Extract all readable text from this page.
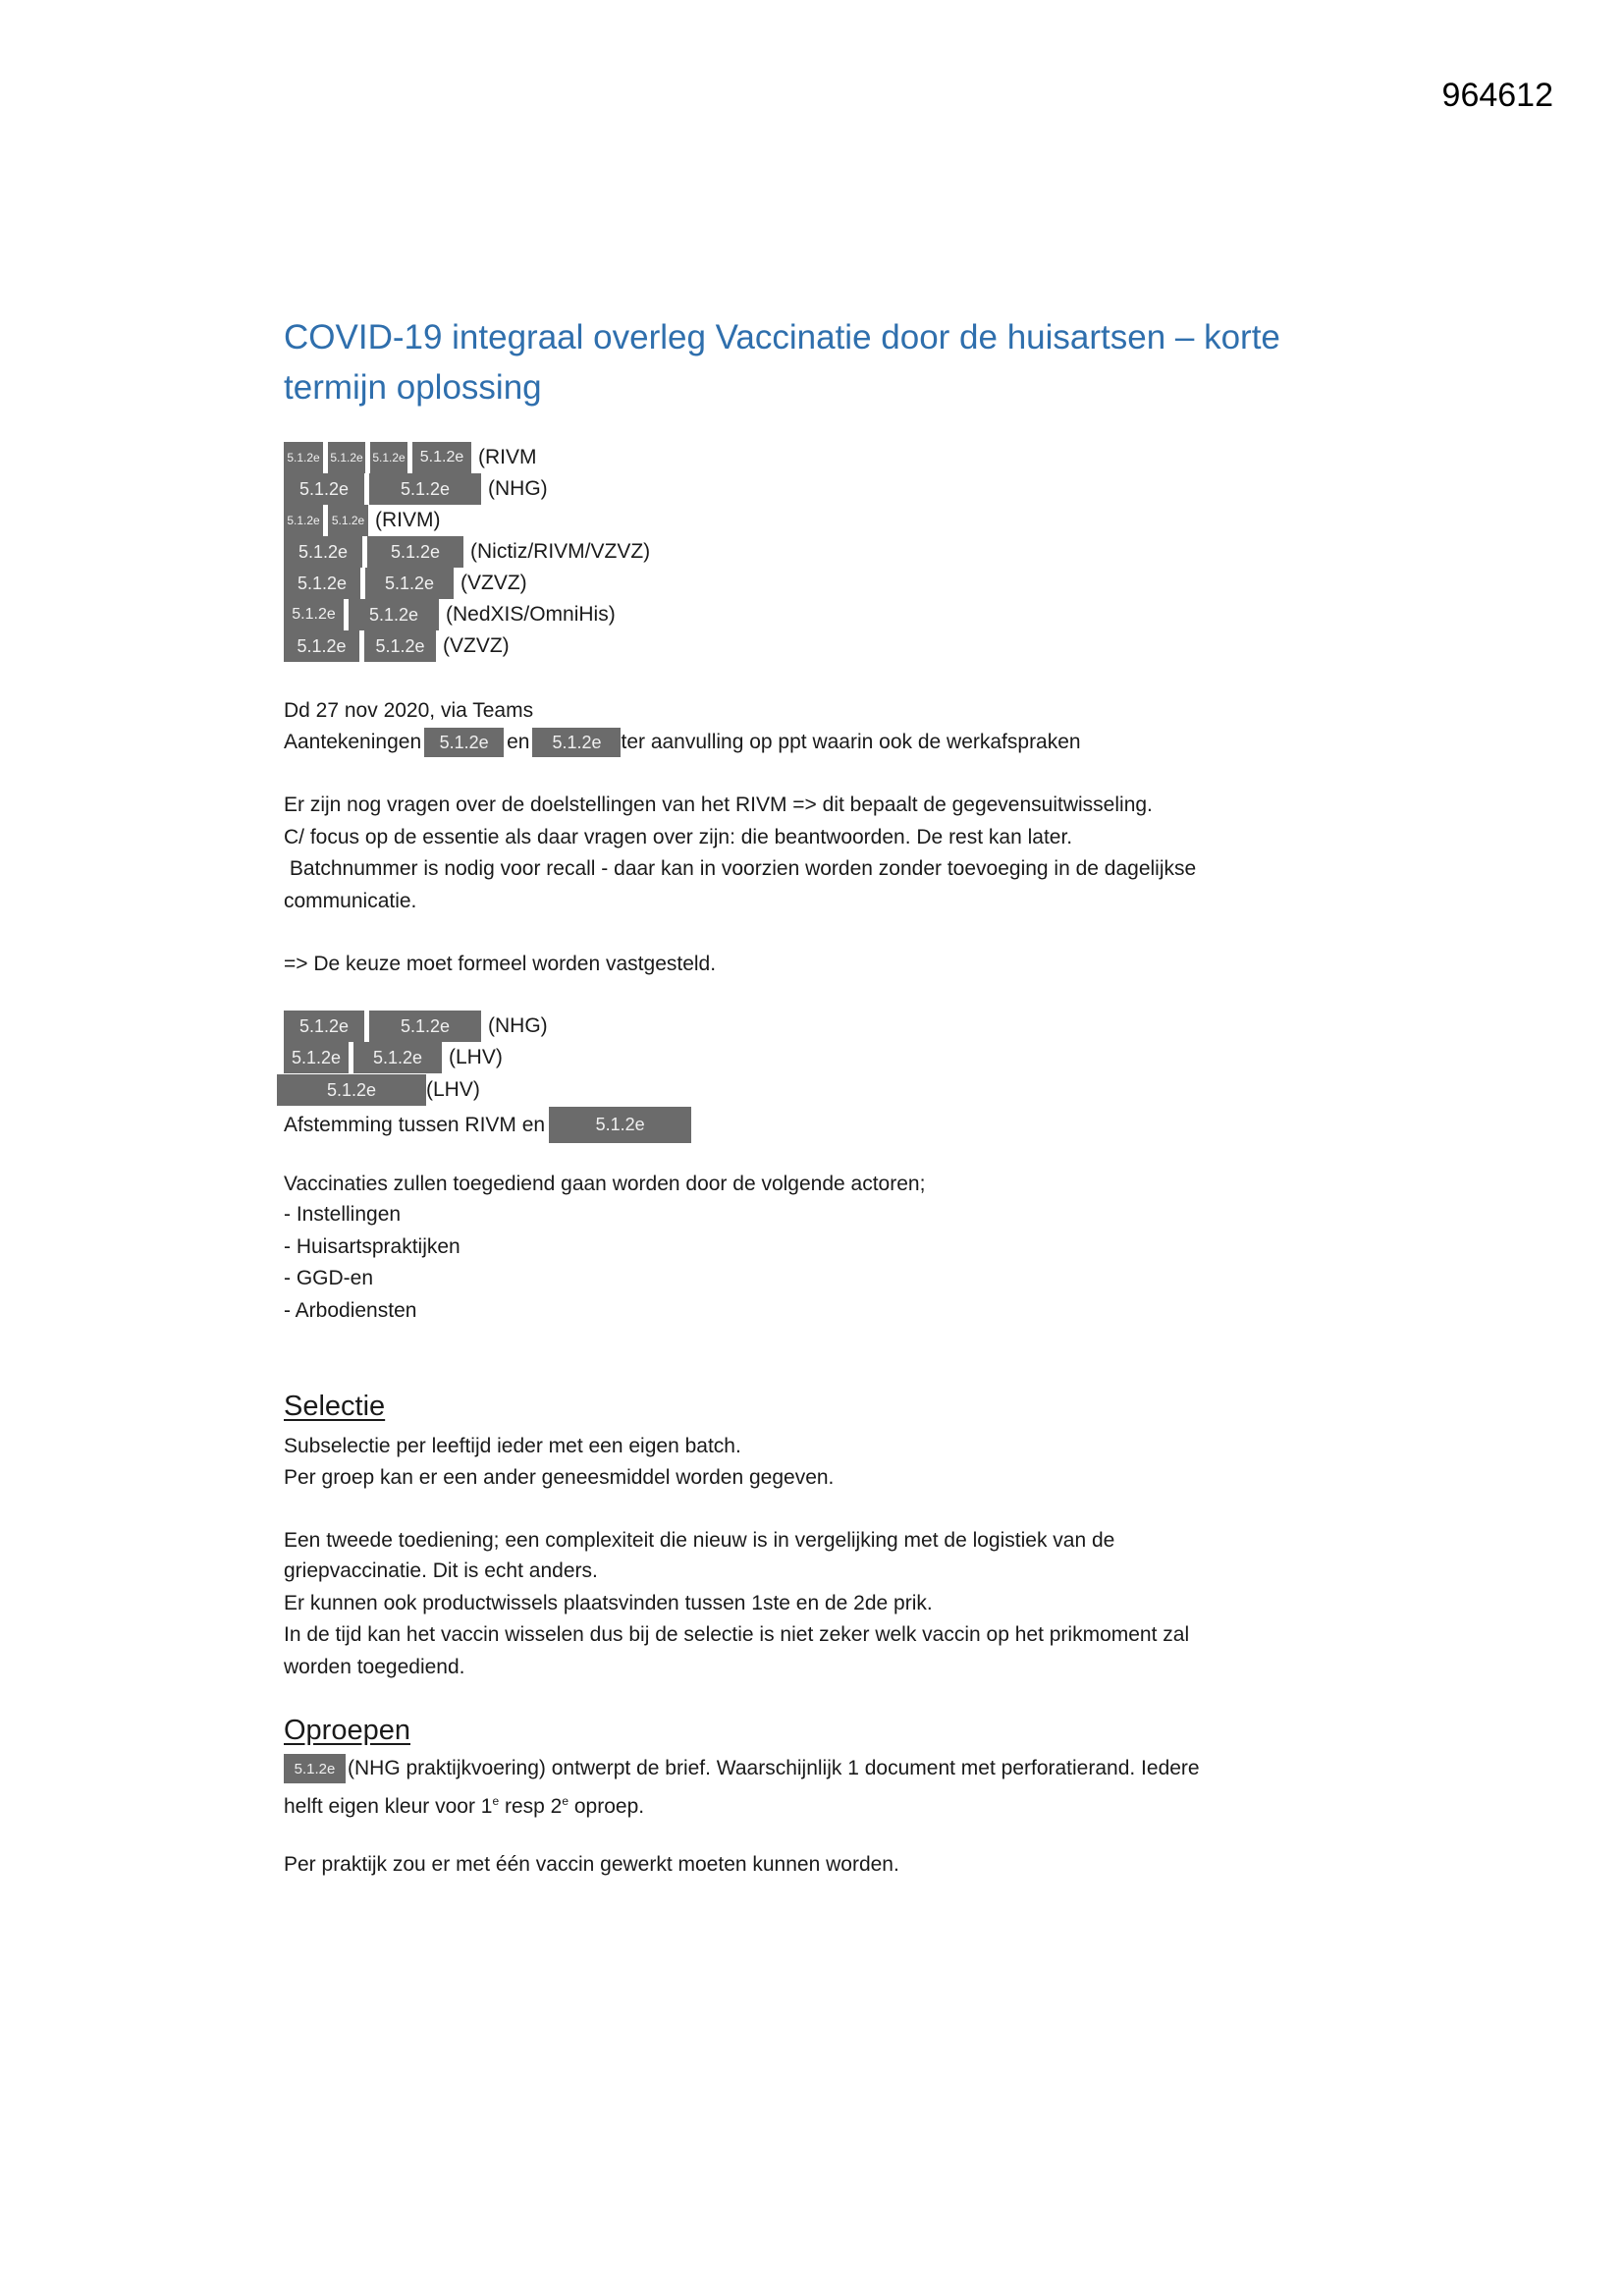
964612
COVID-19 integraal overleg Vaccinatie door de huisartsen – korte termijn oplossing
5.1.2e 5.1.2e 5.1.2e 5.1.2e (RIVM
5.1.2e	5.1.2e	(NHG)
5.1.2e	5.1.2e (RIVM)
5.1.2e	5.1.2e	(Nictiz/RIVM/VZVZ)
5.1.2e	5.1.2e	(VZVZ)
5.1.2e	5.1.2e	(NedXIS/OmniHis)
5.1.2e	5.1.2e (VZVZ)
Dd 27 nov 2020, via Teams
Aantekeningen	5.1.2e en	5.1.2e ter aanvulling op ppt waarin ook de werkafspraken
Er zijn nog vragen over de doelstellingen van het RIVM => dit bepaalt de gegevensuitwisseling.
C/ focus op de essentie als daar vragen over zijn: die beantwoorden. De rest kan later.
Batchnummer is nodig voor recall - daar kan in voorzien worden zonder toevoeging in de dagelijkse
communicatie.
=> De keuze moet formeel worden vastgesteld.
5.1.2e	5.1.2e	(NHG)
5.1.2e	5.1.2e	(LHV)
5.1.2e	(LHV)
Afstemming tussen RIVM en	5.1.2e
Vaccinaties zullen toegediend gaan worden door de volgende actoren;
- Instellingen
- Huisartspraktijken
- GGD-en
- Arbodiensten
Selectie
Subselectie per leeftijd ieder met een eigen batch.
Per groep kan er een ander geneesmiddel worden gegeven.
Een tweede toediening; een complexiteit die nieuw is in vergelijking met de logistiek van de
griepvaccinatie. Dit is echt anders.
Er kunnen ook productwissels plaatsvinden tussen 1ste en de 2de prik.
In de tijd kan het vaccin wisselen dus bij de selectie is niet zeker welk vaccin op het prikmoment zal
worden toegediend.
Oproepen
5.1.2e (NHG praktijkvoering) ontwerpt de brief. Waarschijnlijk 1 document met perforatierand. Iedere
helft eigen kleur voor 1e resp 2e oproep.
Per praktijk zou er met één vaccin gewerkt moeten kunnen worden.
